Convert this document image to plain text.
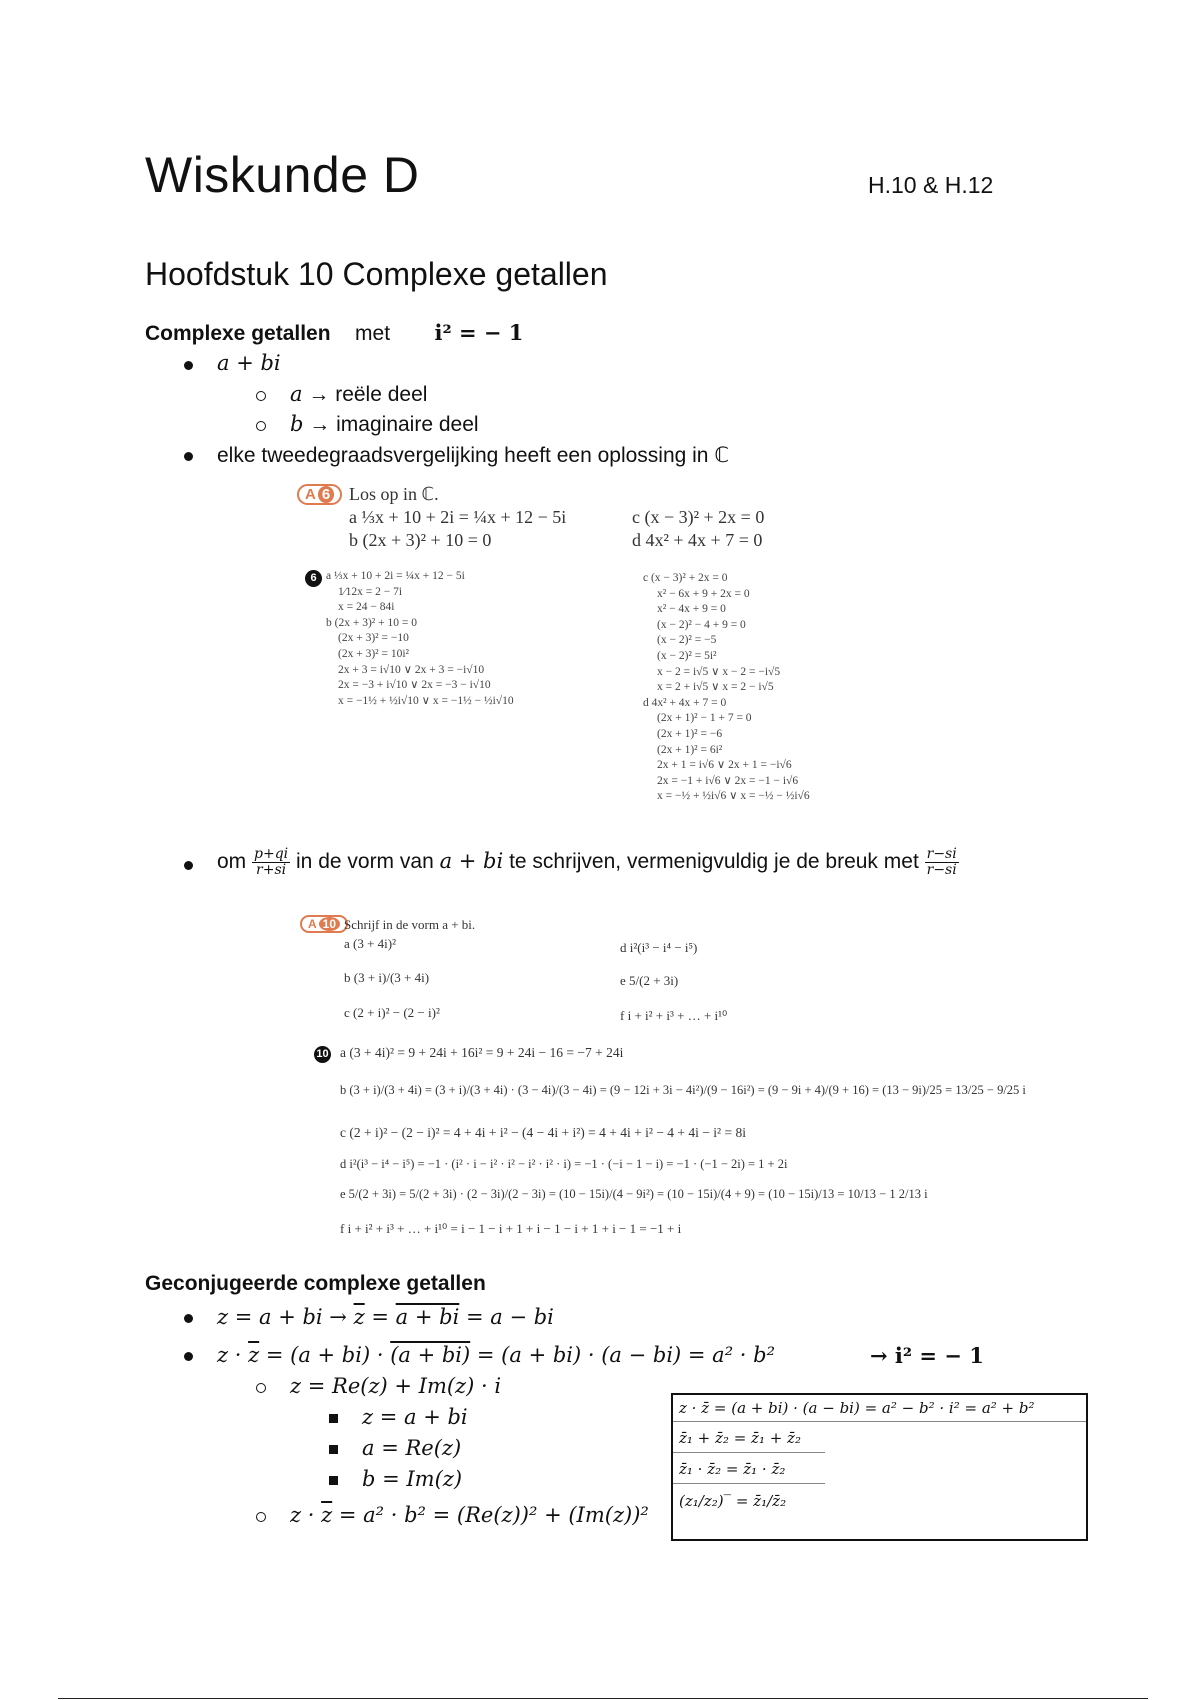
Wiskunde D	H.10 & H.12
Hoofdstuk 10 Complexe getallen
Complexe getallen met i² = − 1
a + bi
a → reële deel
b → imaginaire deel
elke tweedegraadsvergelijking heeft een oplossing in ℂ
A 6	Los op in ℂ.
a ⅓x + 10 + 2i = ¼x + 12 − 5i
b (2x + 3)² + 10 = 0
c (x − 3)² + 2x = 0
d 4x² + 4x + 7 = 0
6 a ⅓x + 10 + 2i = ¼x + 12 − 5i
1⁄12x = 2 − 7i
x = 24 − 84i
b (2x + 3)² + 10 = 0
(2x + 3)² = −10
(2x + 3)² = 10i²
2x + 3 = i√10 ∨ 2x + 3 = −i√10
2x = −3 + i√10 ∨ 2x = −3 − i√10
x = −1½ + ½i√10 ∨ x = −1½ − ½i√10
c (x − 3)² + 2x = 0
x² − 6x + 9 + 2x = 0
x² − 4x + 9 = 0
(x − 2)² − 4 + 9 = 0
(x − 2)² = −5
(x − 2)² = 5i²
x − 2 = i√5 ∨ x − 2 = −i√5
x = 2 + i√5 ∨ x = 2 − i√5
d 4x² + 4x + 7 = 0
(2x + 1)² − 1 + 7 = 0
(2x + 1)² = −6
(2x + 1)² = 6i²
2x + 1 = i√6 ∨ 2x + 1 = −i√6
2x = −1 + i√6 ∨ 2x = −1 − i√6
x = −½ + ½i√6 ∨ x = −½ − ½i√6
om $\frac{p+qi}{r+si}$ in de vorm van a + bi te schrijven, vermenigvuldig je de breuk met $\frac{r-si}{r-si}$
A 10 Schrijf in de vorm a + bi.
a (3 + 4i)²
b (3 + i)/(3 + 4i)
c (2 + i)² − (2 − i)²
d i²(i³ − i⁴ − i⁵)
e 5/(2 + 3i)
f i + i² + i³ + … + i¹⁰
10 a (3 + 4i)² = 9 + 24i + 16i² = 9 + 24i − 16 = −7 + 24i
b (3 + i)/(3 + 4i) = (3 + i)/(3 + 4i) · (3 − 4i)/(3 − 4i) = (9 − 12i + 3i − 4i²)/(9 − 16i²) = (9 − 9i + 4)/(9 + 16) = (13 − 9i)/25 = 13/25 − 9/25 i
c (2 + i)² − (2 − i)² = 4 + 4i + i² − (4 − 4i + i²) = 4 + 4i + i² − 4 + 4i − i² = 8i
d i²(i³ − i⁴ − i⁵) = −1 · (i² · i − i² · i² − i² · i² · i) = −1 · (−i − 1 − i) = −1 · (−1 − 2i) = 1 + 2i
e 5/(2 + 3i) = 5/(2 + 3i) · (2 − 3i)/(2 − 3i) = (10 − 15i)/(4 − 9i²) = (10 − 15i)/(4 + 9) = (10 − 15i)/13 = 10/13 − 1 2/13 i
f i + i² + i³ + … + i¹⁰ = i − 1 − i + 1 + i − 1 − i + 1 + i − 1 = −1 + i
Geconjugeerde complexe getallen
z = a + bi → $\overline{z} = a$ + bi = a − bi
$z \cdot \overline{z} = (a + bi) \cdot (a + bi) = (a + bi) \cdot (a - bi) = a^2 \cdot b^2$	→ i² = − 1
z = Re(z) + Im(z) · i
z = a + bi
a = Re(z)
b = Im(z)
$z \cdot \overline{z} = a^2 \cdot b^2 = (Re(z))^2 + (Im(z))^2$
z · z̄ = (a + bi) · (a − bi) = a² − b² · i² = a² + b²
z̄₁ + z̄₂ = z̄₁ + z̄₂
z̄₁ · z̄₂ = z̄₁ · z̄₂
(z₁/z₂)‾ = z̄₁/z̄₂
